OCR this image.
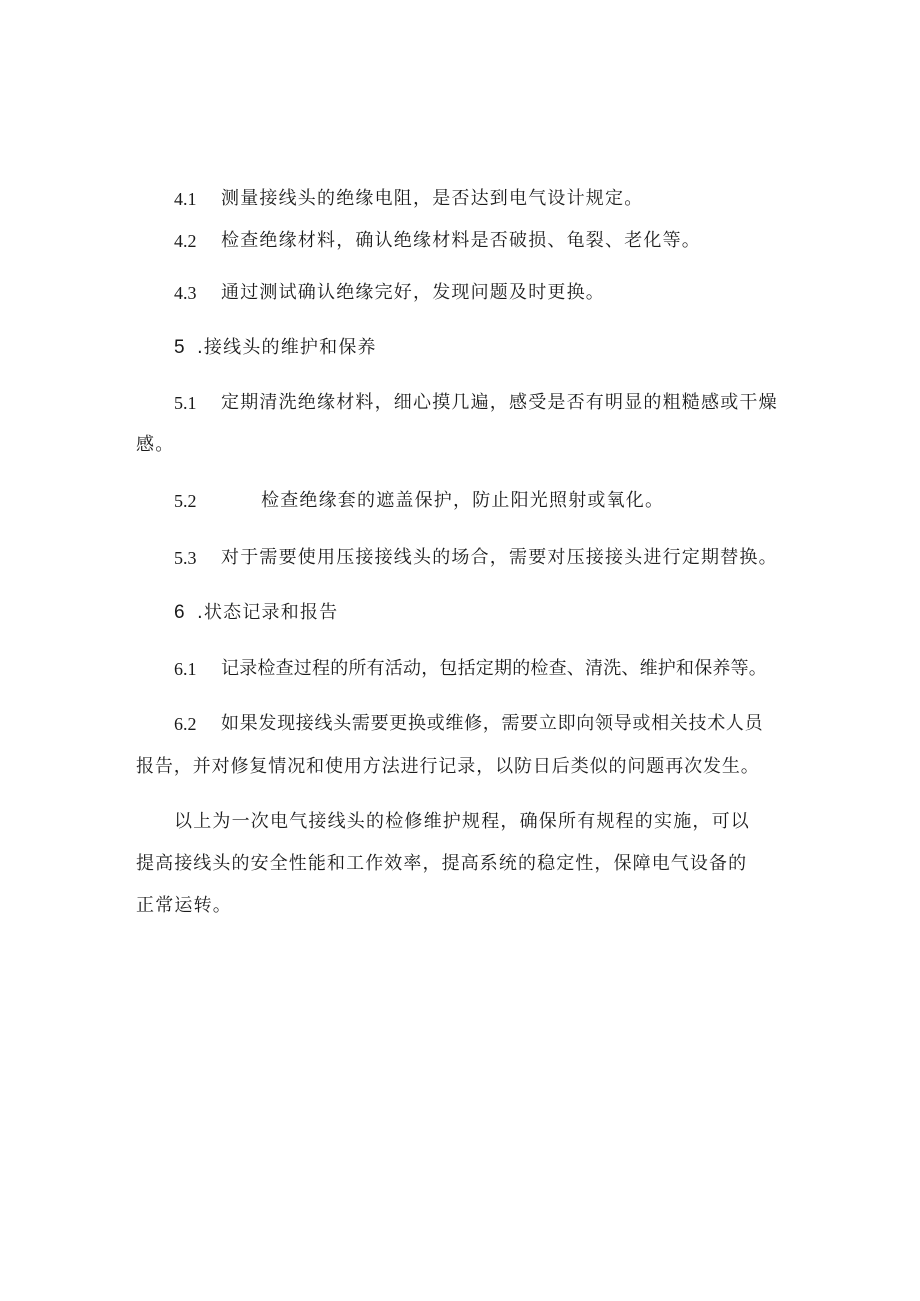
4.1 测量接线头的绝缘电阻，是否达到电气设计规定。
4.2 检查绝缘材料，确认绝缘材料是否破损、龟裂、老化等。
4.3 通过测试确认绝缘完好，发现问题及时更换。
5 .接线头的维护和保养
5.1 定期清洗绝缘材料，细心摸几遍，感受是否有明显的粗糙感或干燥
感。
5.2	检查绝缘套的遮盖保护，防止阳光照射或氧化。
5.3 对于需要使用压接接线头的场合，需要对压接接头进行定期替换。
6 .状态记录和报告
6.1 记录检查过程的所有活动，包括定期的检查、清洗、维护和保养等。
6.2 如果发现接线头需要更换或维修，需要立即向领导或相关技术人员
报告，并对修复情况和使用方法进行记录，以防日后类似的问题再次发生。
以上为一次电气接线头的检修维护规程，确保所有规程的实施，可以
提高接线头的安全性能和工作效率，提高系统的稳定性，保障电气设备的
正常运转。
